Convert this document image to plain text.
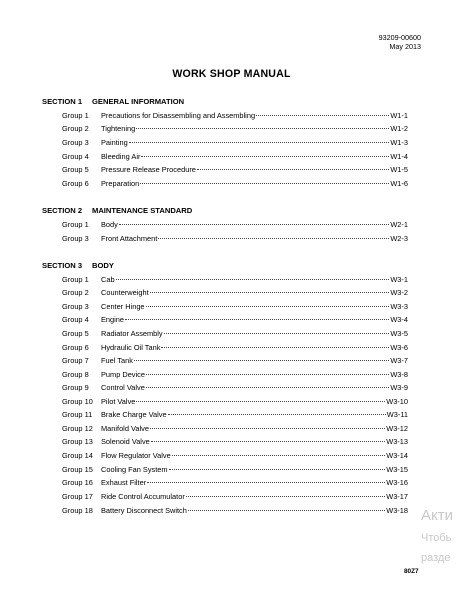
93209-00600
May 2013
WORK SHOP MANUAL
SECTION 1 GENERAL INFORMATION
Group 1	Precautions for Disassembling and Assembling	W1-1
Group 2	Tightening	W1-2
Group 3	Painting	W1-3
Group 4	Bleeding Air	W1-4
Group 5	Pressure Release Procedure	W1-5
Group 6	Preparation	W1-6
SECTION 2 MAINTENANCE STANDARD
Group 1	Body	W2-1
Group 3	Front Attachment	W2-3
SECTION 3 BODY
Group 1	Cab	W3-1
Group 2	Counterweight	W3-2
Group 3	Center Hinge	W3-3
Group 4	Engine	W3-4
Group 5	Radiator Assembly	W3-5
Group 6	Hydraulic Oil Tank	W3-6
Group 7	Fuel Tank	W3-7
Group 8	Pump Device	W3-8
Group 9	Control Valve	W3-9
Group 10	Pilot Valve	W3-10
Group 11	Brake Charge Valve	W3-11
Group 12	Manifold Valve	W3-12
Group 13	Solenoid Valve	W3-13
Group 14	Flow Regulator Valve	W3-14
Group 15	Cooling Fan System	W3-15
Group 16	Exhaust Filter	W3-16
Group 17	Ride Control Accumulator	W3-17
Group 18	Battery Disconnect Switch	W3-18 Акти
Чтобь
разде
80Z7
